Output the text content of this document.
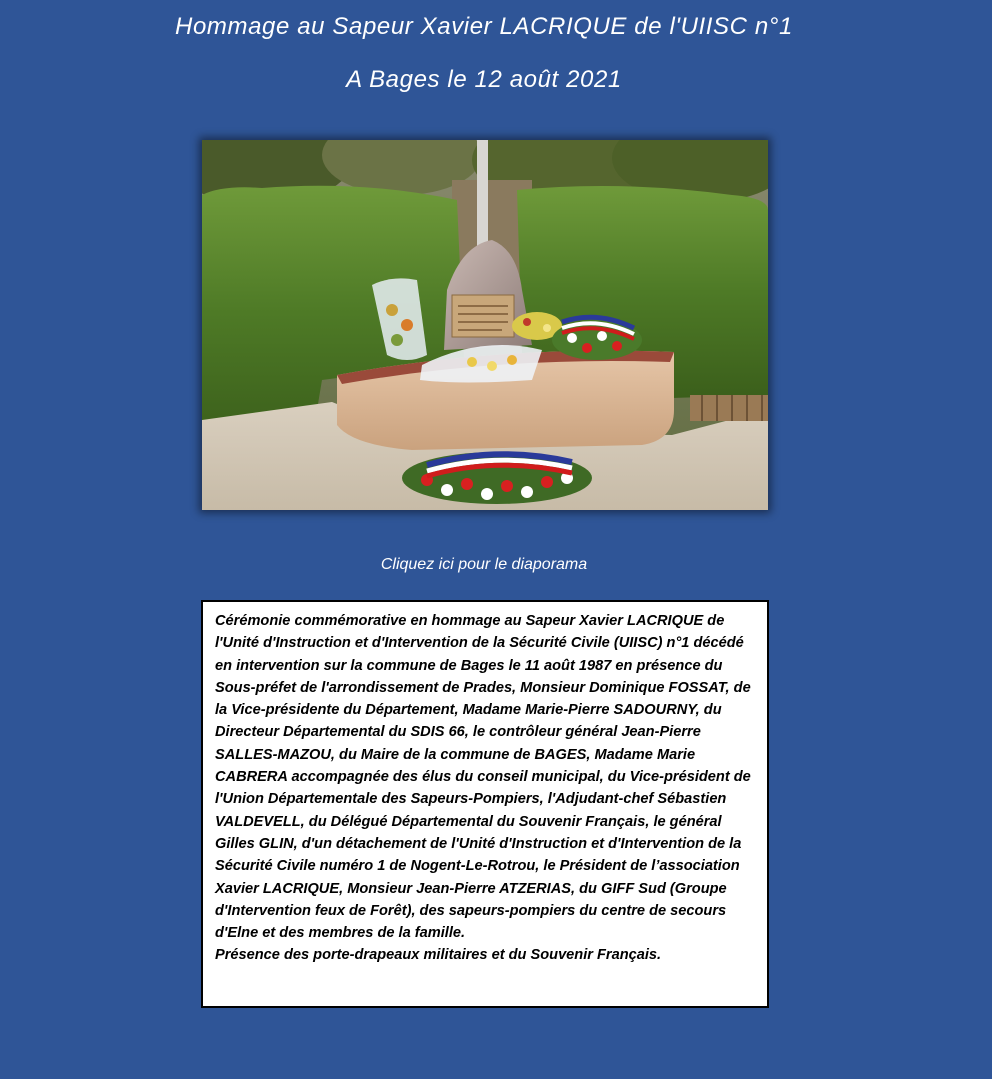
Hommage au Sapeur Xavier LACRIQUE de l'UIISC n°1
A Bages le 12 août 2021
Cliquez ici pour le diaporama

Cérémonie commémorative en hommage au Sapeur Xavier LACRIQUE de l'Unité d'Instruction et d'Intervention de la Sécurité Civile (UIISC) n°1 décédé en intervention sur la commune de Bages le 11 août 1987 en présence du Sous-préfet de l'arrondissement de Prades, Monsieur Dominique FOSSAT, de la Vice-présidente du Département, Madame Marie-Pierre SADOURNY, du Directeur Départemental du SDIS 66, le contrôleur général Jean-Pierre SALLES-MAZOU, du Maire de la commune de BAGES, Madame Marie CABRERA accompagnée des élus du conseil municipal, du Vice-président de l'Union Départementale des Sapeurs-Pompiers, l'Adjudant-chef Sébastien VALDEVELL, du Délégué Départemental du Souvenir Français, le général Gilles GLIN, d'un détachement de l'Unité d'Instruction et d'Intervention de la Sécurité Civile numéro 1 de Nogent-Le-Rotrou, le Président de l’association Xavier LACRIQUE, Monsieur Jean-Pierre ATZERIAS, du GIFF Sud (Groupe d'Intervention feux de Forêt), des sapeurs-pompiers du centre de secours d'Elne et des membres de la famille.

Présence des porte-drapeaux militaires et du Souvenir Français.
